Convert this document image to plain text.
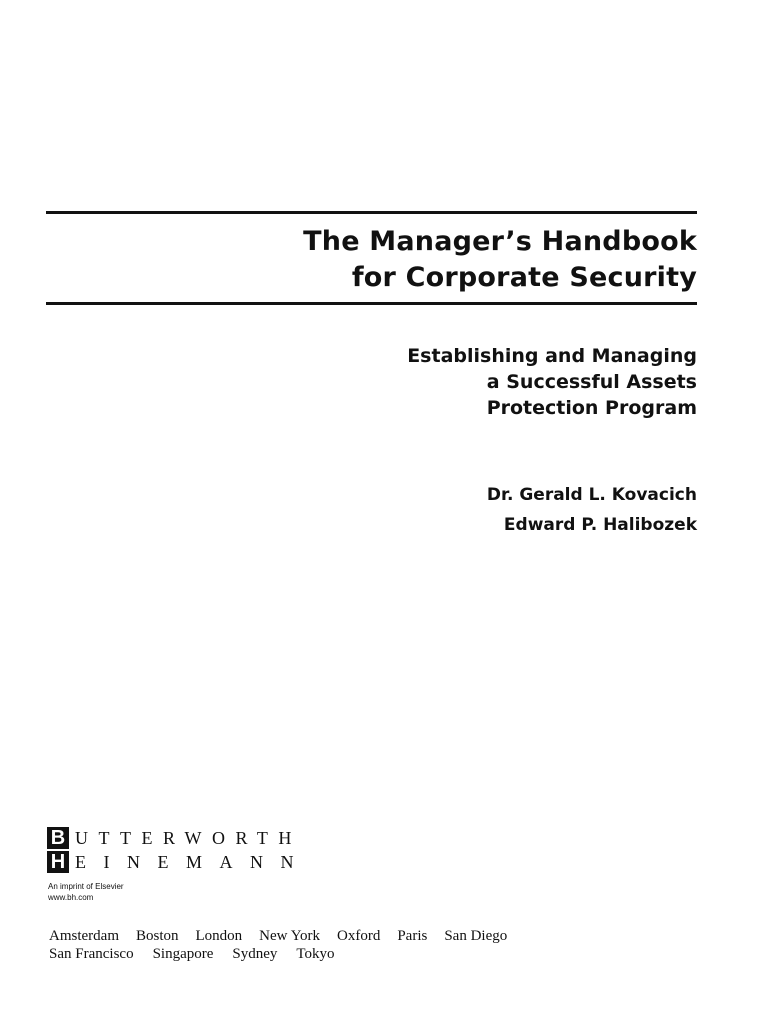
The Manager’s Handbook
for Corporate Security
Establishing and Managing
a Successful Assets
Protection Program
Dr. Gerald L. Kovacich
Edward P. Halibozek
B UTTERWORTH
H EINEMANN
An imprint of Elsevier
www.bh.com
Amsterdam Boston London New York Oxford Paris San Diego
San Francisco Singapore Sydney Tokyo
